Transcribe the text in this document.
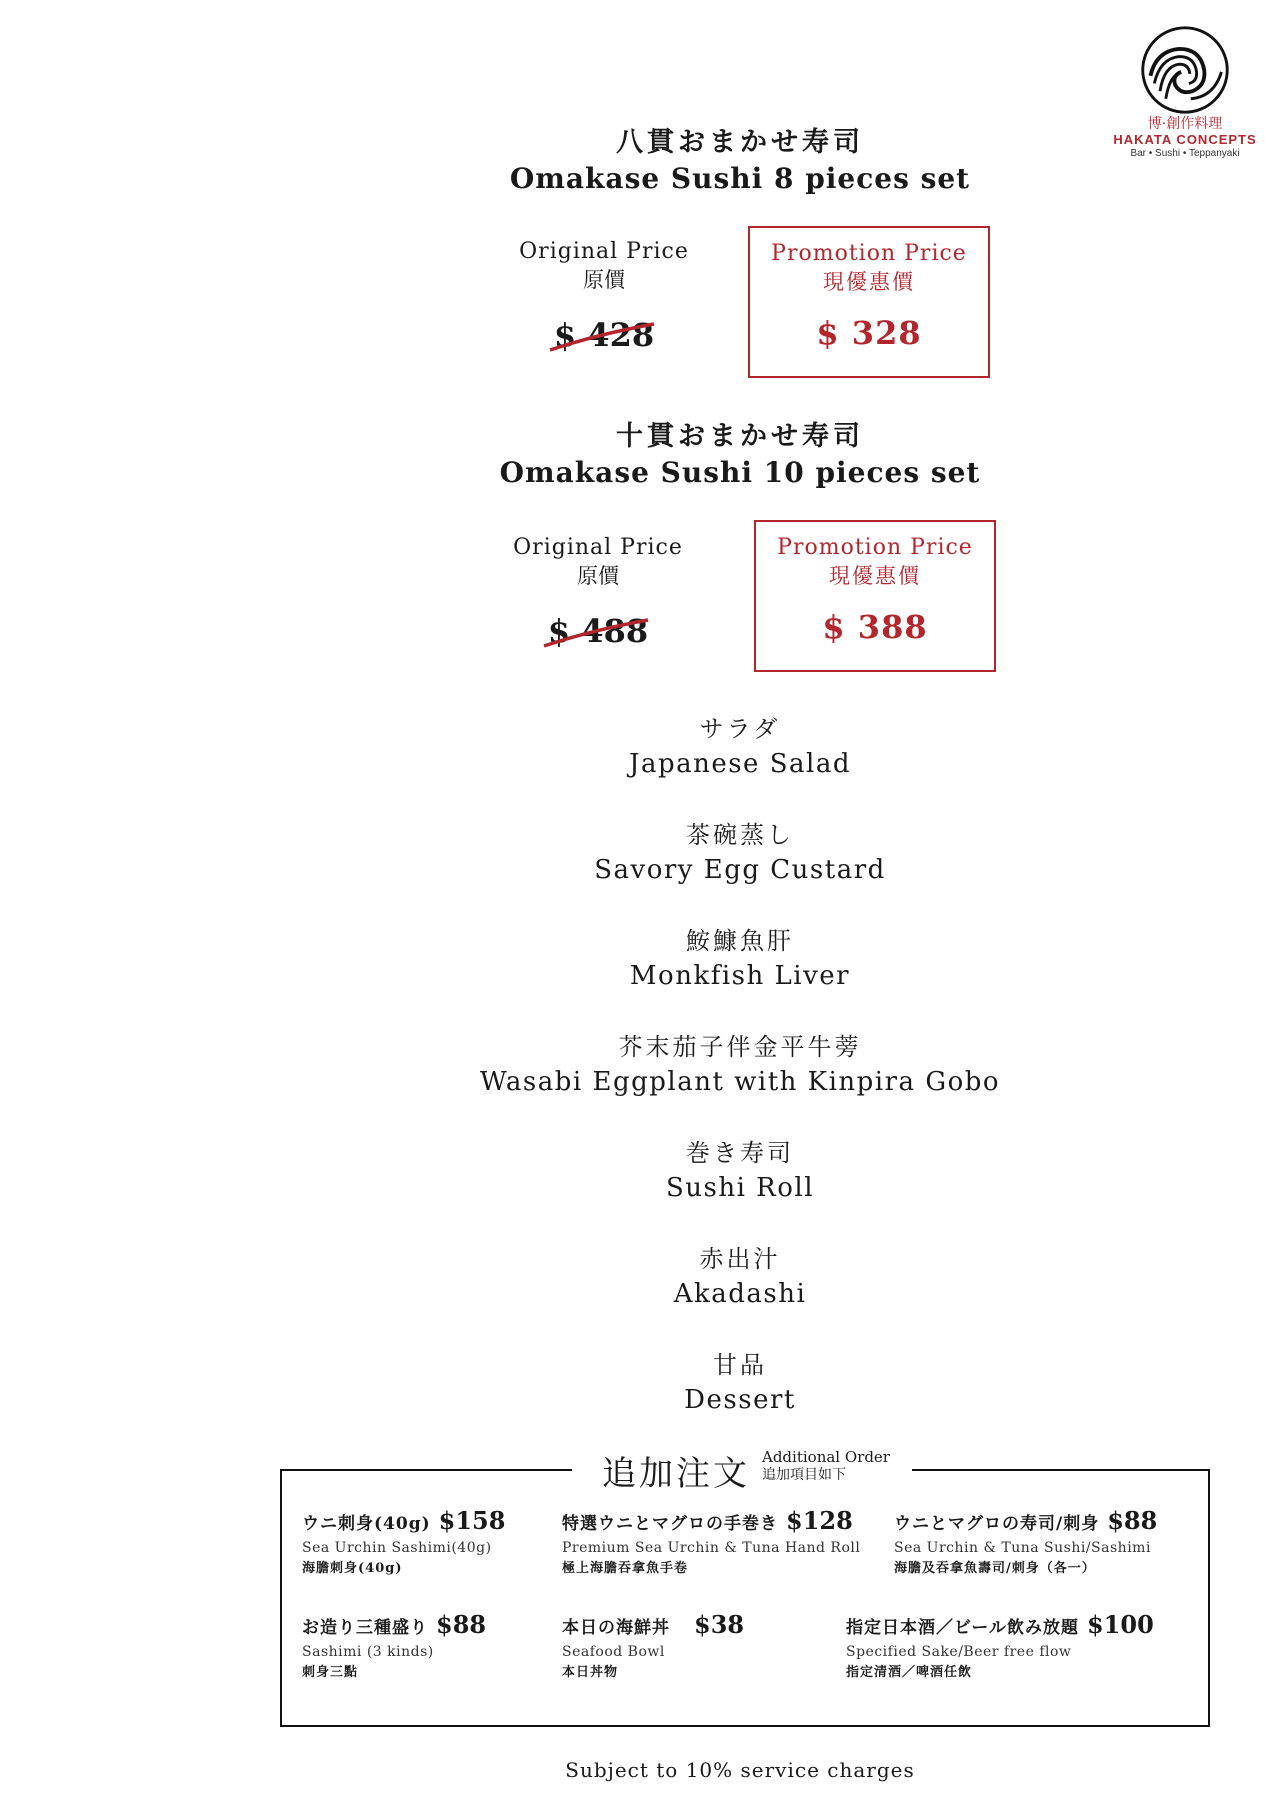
博·創作料理
HAKATA CONCEPTS
Bar • Sushi • Teppanyaki
八貫おまかせ寿司
Omakase Sushi 8 pieces set
Original Price
原價
$ 428
Promotion Price
現優惠價
$ 328
十貫おまかせ寿司
Omakase Sushi 10 pieces set
Original Price
原價
$ 488
Promotion Price
現優惠價
$ 388
サラダ
Japanese Salad
茶碗蒸し
Savory Egg Custard
鮟鱇魚肝
Monkfish Liver
芥末茄子伴金平牛蒡
Wasabi Eggplant with Kinpira Gobo
巻き寿司
Sushi Roll
赤出汁
Akadashi
甘品
Dessert
追加注文 Additional Order
追加項目如下
ウニ刺身(40g) $158
Sea Urchin Sashimi(40g)
海膽刺身(40g)
特選ウニとマグロの手巻き $128
Premium Sea Urchin & Tuna Hand Roll
極上海膽吞拿魚手卷
ウニとマグロの寿司/刺身 $88
Sea Urchin & Tuna Sushi/Sashimi
海膽及吞拿魚壽司/刺身（各一）
お造り三種盛り $88
Sashimi (3 kinds)
刺身三點
本日の海鮮丼 $38
Seafood Bowl
本日丼物
指定日本酒／ビール飲み放題 $100
Specified Sake/Beer free flow
指定清酒／啤酒任飲
Subject to 10% service charges
